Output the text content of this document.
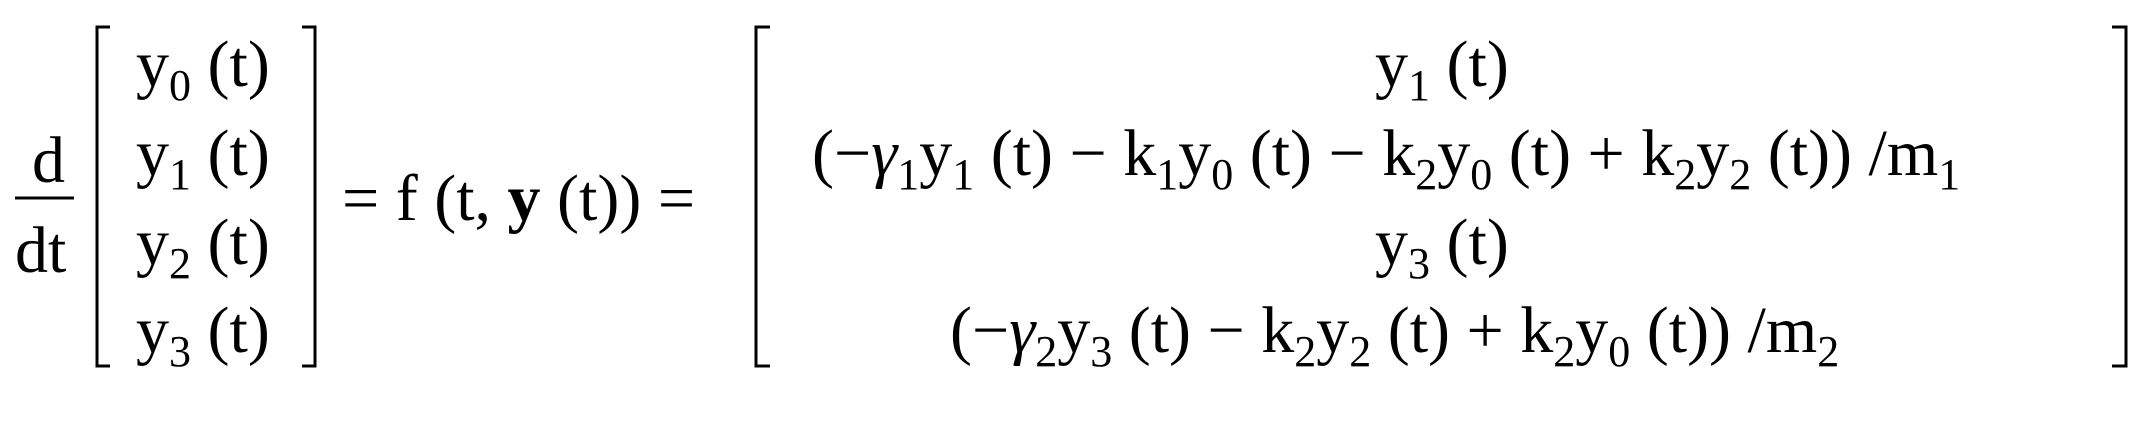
d
dt
$y_0$ (t)
$y_1$ (t)
$y_2$ (t)
$y_3$ (t)
= f (t, y (t)) =
$y_1$ (t)
($-\gamma_1y_1$ $(t) - k_1y_0$ $(t) - k_2y_0$ $(t) + k_2y_2$ (t)) $/m_1$
$y_3$ (t)
($-\gamma_2y_3$ $(t) - k_2y_2$ $(t) + k_2y_0$ (t)) $/m_2$
